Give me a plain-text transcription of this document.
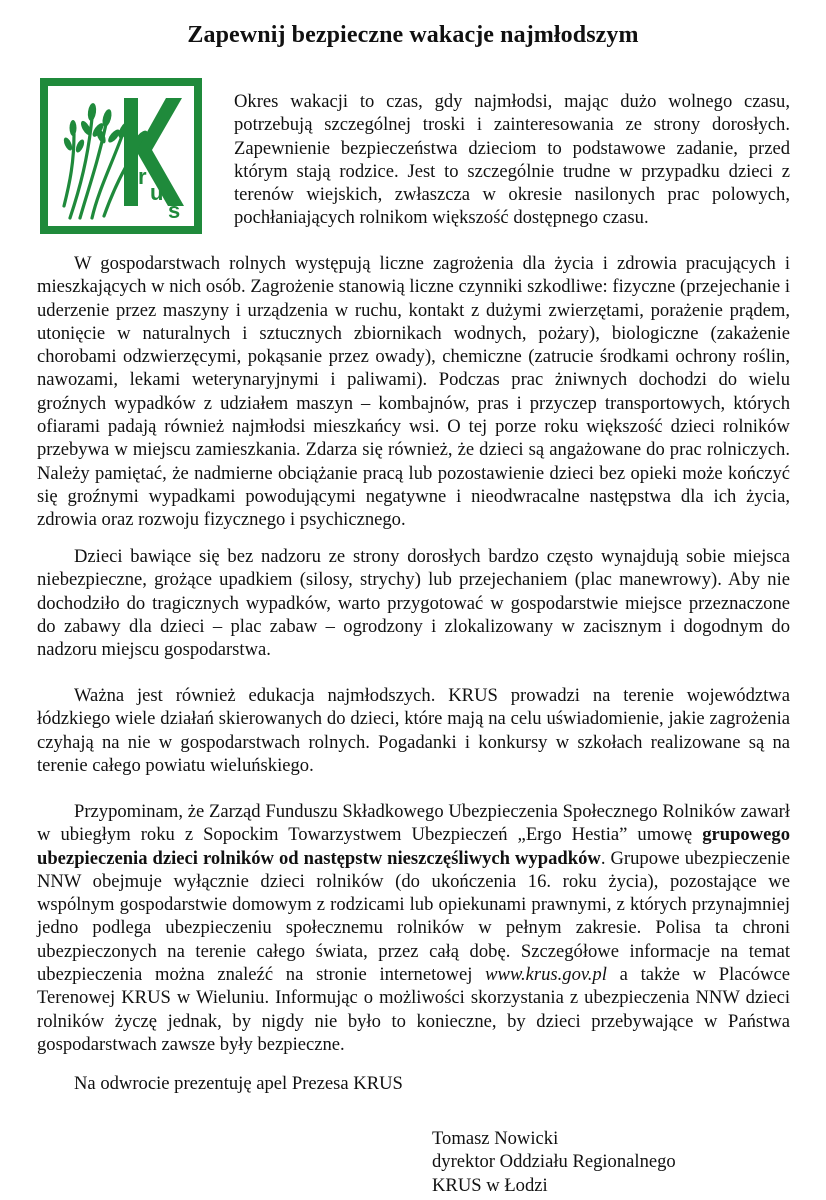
Zapewnij bezpieczne wakacje najmłodszym
r
u
s
Okres wakacji to czas, gdy najmłodsi, mając dużo wolnego czasu, potrzebują szczególnej troski i zainteresowania ze strony dorosłych. Zapewnienie bezpieczeństwa dzieciom to podstawowe zadanie, przed którym stają rodzice. Jest to szczególnie trudne w przypadku dzieci z terenów wiejskich, zwłaszcza w okresie nasilonych prac polowych, pochłaniających rolnikom większość dostępnego czasu.
W gospodarstwach rolnych występują liczne zagrożenia dla życia i zdrowia pracujących i mieszkających w nich osób. Zagrożenie stanowią liczne czynniki szkodliwe: fizyczne (przejechanie i uderzenie przez maszyny i urządzenia w ruchu, kontakt z dużymi zwierzętami, porażenie prądem, utonięcie w naturalnych i sztucznych zbiornikach wodnych, pożary), biologiczne (zakażenie chorobami odzwierzęcymi, pokąsanie przez owady), chemiczne (zatrucie środkami ochrony roślin, nawozami, lekami weterynaryjnymi i paliwami). Podczas prac żniwnych dochodzi do wielu groźnych wypadków z udziałem maszyn – kombajnów, pras i przyczep transportowych, których ofiarami padają również najmłodsi mieszkańcy wsi. O tej porze roku większość dzieci rolników przebywa w miejscu zamieszkania. Zdarza się również, że dzieci są angażowane do prac rolniczych. Należy pamiętać, że nadmierne obciążanie pracą lub pozostawienie dzieci bez opieki może kończyć się groźnymi wypadkami powodującymi negatywne i nieodwracalne następstwa dla ich życia, zdrowia oraz rozwoju fizycznego i psychicznego.
Dzieci bawiące się bez nadzoru ze strony dorosłych bardzo często wynajdują sobie miejsca niebezpieczne, grożące upadkiem (silosy, strychy) lub przejechaniem (plac manewrowy). Aby nie dochodziło do tragicznych wypadków, warto przygotować w gospodarstwie miejsce przeznaczone do zabawy dla dzieci – plac zabaw – ogrodzony i zlokalizowany w zacisznym i dogodnym do nadzoru miejscu gospodarstwa.
Ważna jest również edukacja najmłodszych. KRUS prowadzi na terenie województwa łódzkiego wiele działań skierowanych do dzieci, które mają na celu uświadomienie, jakie zagrożenia czyhają na nie w gospodarstwach rolnych. Pogadanki i konkursy w szkołach realizowane są na terenie całego powiatu wieluńskiego.
Przypominam, że Zarząd Funduszu Składkowego Ubezpieczenia Społecznego Rolników zawarł w ubiegłym roku z Sopockim Towarzystwem Ubezpieczeń „Ergo Hestia” umowę grupowego ubezpieczenia dzieci rolników od następstw nieszczęśliwych wypadków. Grupowe ubezpieczenie NNW obejmuje wyłącznie dzieci rolników (do ukończenia 16. roku życia), pozostające we wspólnym gospodarstwie domowym z rodzicami lub opiekunami prawnymi, z których przynajmniej jedno podlega ubezpieczeniu społecznemu rolników w pełnym zakresie. Polisa ta chroni ubezpieczonych na terenie całego świata, przez całą dobę. Szczegółowe informacje na temat ubezpieczenia można znaleźć na stronie internetowej www.krus.gov.pl a także w Placówce Terenowej KRUS w Wieluniu. Informując o możliwości skorzystania z ubezpieczenia NNW dzieci rolników życzę jednak, by nigdy nie było to konieczne, by dzieci przebywające w Państwa gospodarstwach zawsze były bezpieczne.
Na odwrocie prezentuję apel Prezesa KRUS
Tomasz Nowicki
dyrektor Oddziału Regionalnego
KRUS w Łodzi
